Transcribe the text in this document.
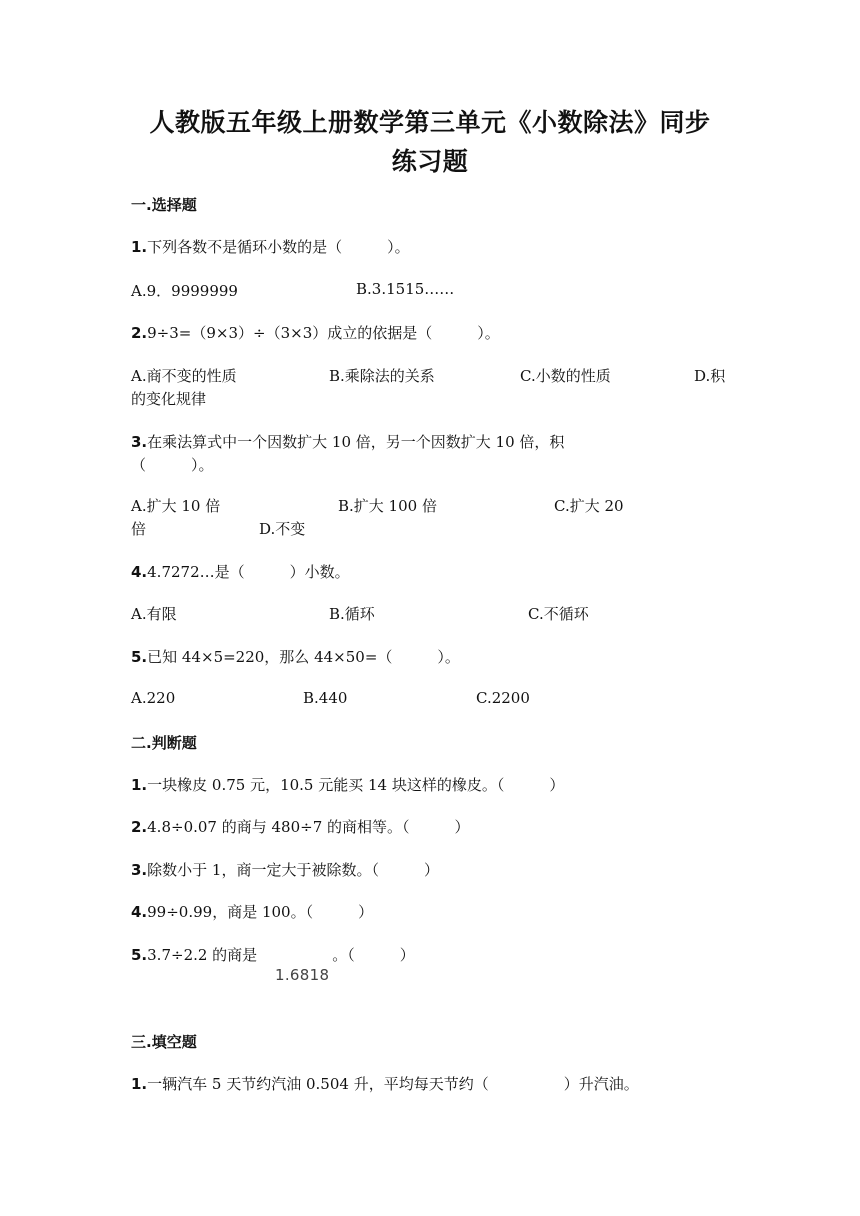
人教版五年级上册数学第三单元《小数除法》同步
练习题
一.选择题
1.下列各数不是循环小数的是（　　　）。
A.9．9999999	B.3.1515……
2.9÷3=（9×3）÷（3×3）成立的依据是（　　　）。
A.商不变的性质	B.乘除法的关系	C.小数的性质	D.积
的变化规律
3.在乘法算式中一个因数扩大 10 倍，另一个因数扩大 10 倍，积
（　　　）。
A.扩大 10 倍	B.扩大 100 倍	C.扩大 20
倍	D.不变
4.4.7272…是（　　　）小数。
A.有限	B.循环	C.不循环
5.已知 44×5=220，那么 44×50=（　　　）。
A.220	B.440	C.2200
二.判断题
1.一块橡皮 0.75 元，10.5 元能买 14 块这样的橡皮。（　　　）
2.4.8÷0.07 的商与 480÷7 的商相等。（　　　）
3.除数小于 1，商一定大于被除数。（　　　）
4.99÷0.99，商是 100。（　　　）
5.3.7÷2.2 的商是　　　　　。（　　　）
1.6818
三.填空题
1.一辆汽车 5 天节约汽油 0.504 升，平均每天节约（　　　　　）升汽油。
